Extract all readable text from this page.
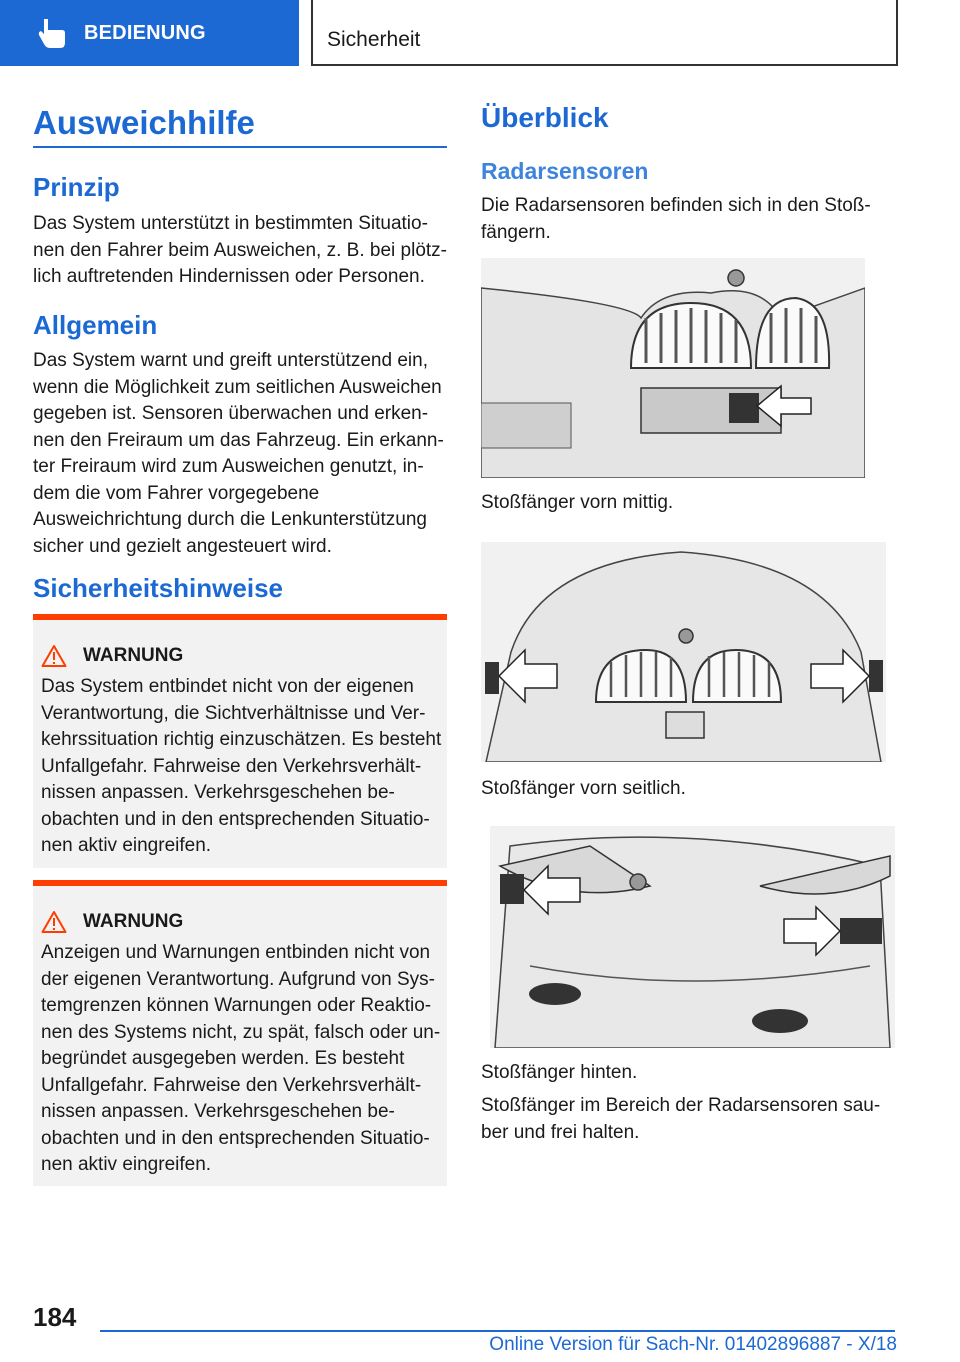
BEDIENUNG	Sicherheit
Ausweichhilfe
Prinzip
Das System unterstützt in bestimmten Situatio‐
nen den Fahrer beim Ausweichen, z. B. bei plötz‐
lich auftretenden Hindernissen oder Personen.
Allgemein
Das System warnt und greift unterstützend ein,
wenn die Möglichkeit zum seitlichen Ausweichen
gegeben ist. Sensoren überwachen und erken‐
nen den Freiraum um das Fahrzeug. Ein erkann‐
ter Freiraum wird zum Ausweichen genutzt, in‐
dem die vom Fahrer vorgegebene
Ausweichrichtung durch die Lenkunterstützung
sicher und gezielt angesteuert wird.
Sicherheitshinweise
WARNUNG
Das System entbindet nicht von der eigenen
Verantwortung, die Sichtverhältnisse und Ver‐
kehrssituation richtig einzuschätzen. Es besteht
Unfallgefahr. Fahrweise den Verkehrsverhält‐
nissen anpassen. Verkehrsgeschehen be‐
obachten und in den entsprechenden Situatio‐
nen aktiv eingreifen.
WARNUNG
Anzeigen und Warnungen entbinden nicht von
der eigenen Verantwortung. Aufgrund von Sys‐
temgrenzen können Warnungen oder Reaktio‐
nen des Systems nicht, zu spät, falsch oder un‐
begründet ausgegeben werden. Es besteht
Unfallgefahr. Fahrweise den Verkehrsverhält‐
nissen anpassen. Verkehrsgeschehen be‐
obachten und in den entsprechenden Situatio‐
nen aktiv eingreifen.
Überblick
Radarsensoren
Die Radarsensoren befinden sich in den Stoß‐
fängern.
Stoßfänger vorn mittig.
Stoßfänger vorn seitlich.
Stoßfänger hinten.
Stoßfänger im Bereich der Radarsensoren sau‐
ber und frei halten.
184
Online Version für Sach-Nr. 01402896887 - X/18
